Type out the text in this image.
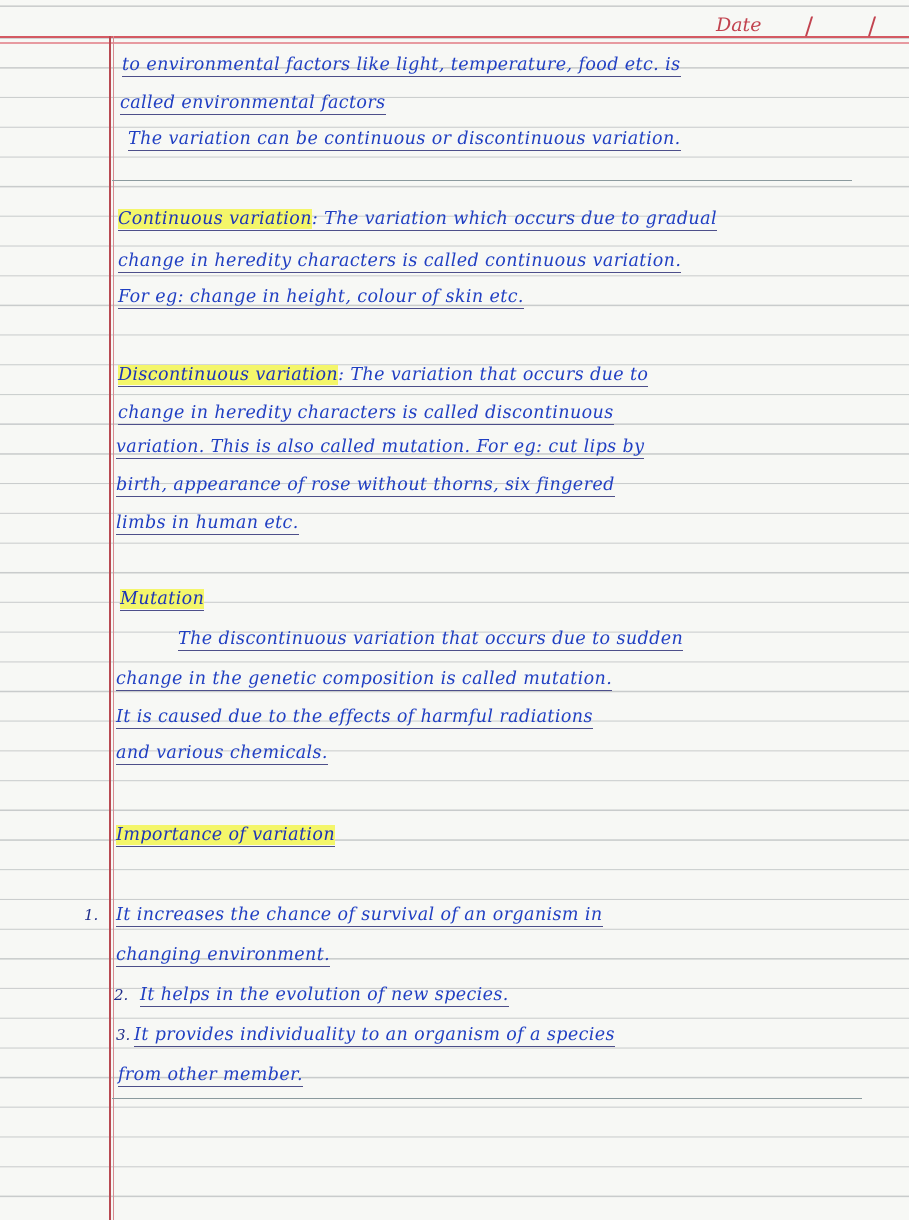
Date / /
to environmental factors like light, temperature, food etc. is
called environmental factors
The variation can be continuous or discontinuous variation.
Continuous variation: The variation which occurs due to gradual
change in heredity characters is called continuous variation.
For eg: change in height, colour of skin etc.
Discontinuous variation: The variation that occurs due to
change in heredity characters is called discontinuous
variation. This is also called mutation. For eg: cut lips by
birth, appearance of rose without thorns, six fingered
limbs in human etc.
Mutation
The discontinuous variation that occurs due to sudden
change in the genetic composition is called mutation.
It is caused due to the effects of harmful radiations
and various chemicals.
Importance of variation
1. It increases the chance of survival of an organism in
changing environment.
2. It helps in the evolution of new species.
3. It provides individuality to an organism of a species
from other member.
